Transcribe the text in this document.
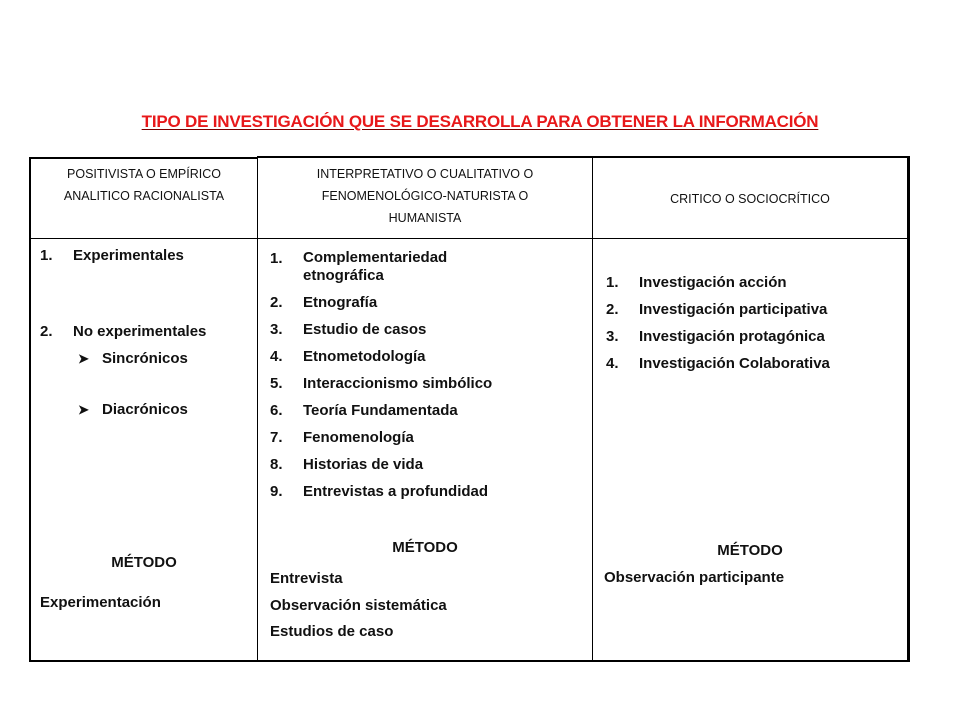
TIPO DE INVESTIGACIÓN QUE SE DESARROLLA PARA OBTENER LA INFORMACIÓN
POSITIVISTA O EMPÍRICO
ANALITICO RACIONALISTA
INTERPRETATIVO O CUALITATIVO O
FENOMENOLÓGICO-NATURISTA O
HUMANISTA
CRITICO O SOCIOCRÍTICO
1. Experimentales
2. No experimentales
➤ Sincrónicos
➤ Diacrónicos
MÉTODO
Experimentación
1. Complementariedad etnográfica
2. Etnografía
3. Estudio de casos
4. Etnometodología
5. Interaccionismo simbólico
6. Teoría Fundamentada
7. Fenomenología
8. Historias de vida
9. Entrevistas a profundidad
MÉTODO
Entrevista
Observación sistemática
Estudios de caso
1. Investigación acción
2. Investigación participativa
3. Investigación protagónica
4. Investigación Colaborativa
MÉTODO
Observación participante
